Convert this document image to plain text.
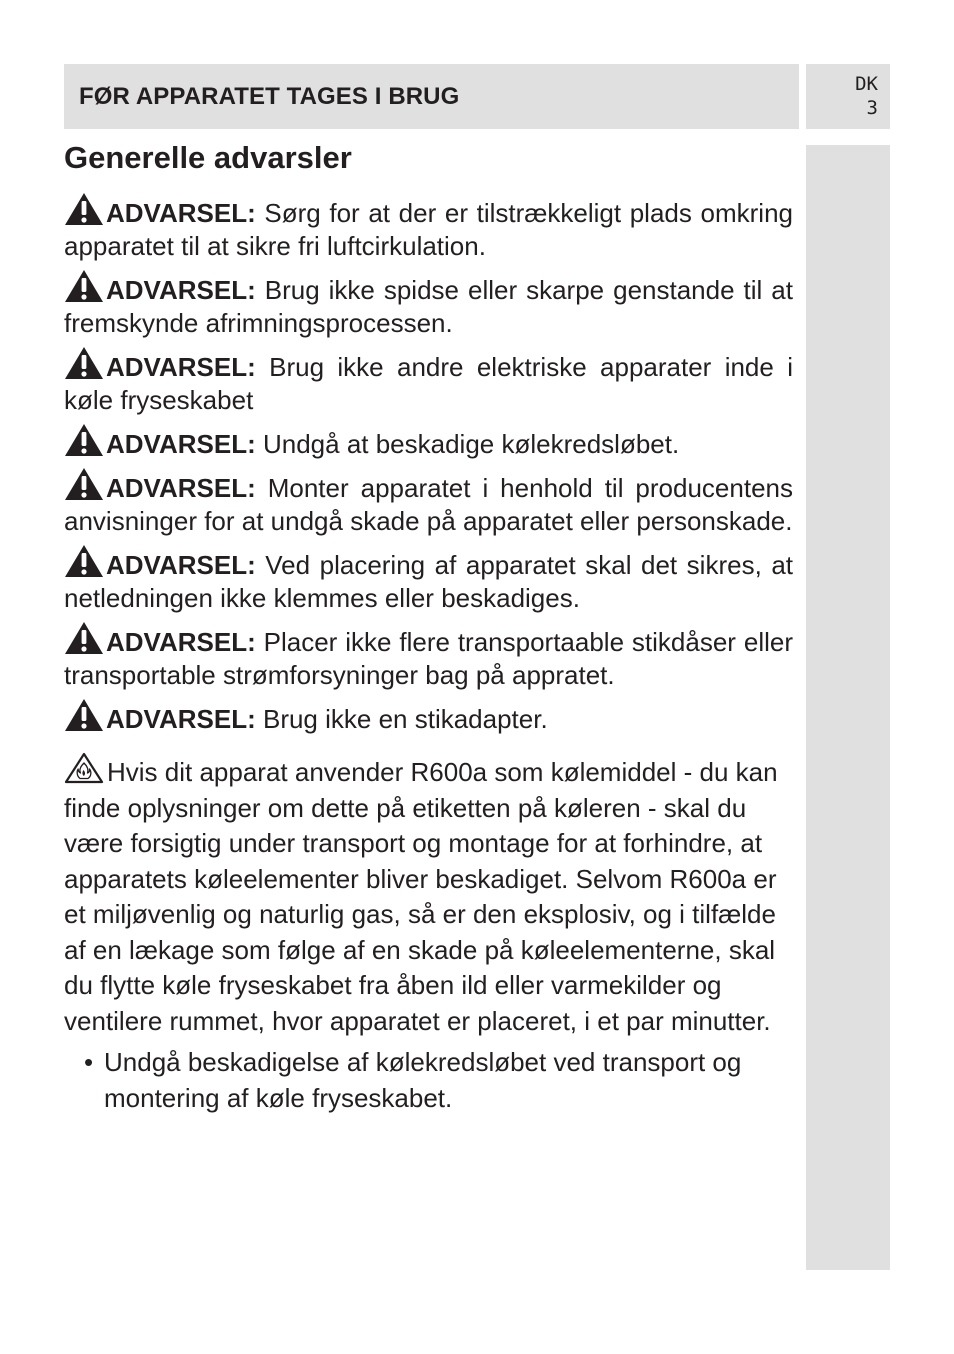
FØR APPARATET TAGES I BRUG	DK
3
Generelle advarsler

ADVARSEL: Sørg for at der er tilstrækkeligt plads omkring apparatet til at sikre fri luftcirkulation.

ADVARSEL: Brug ikke spidse eller skarpe genstande til at fremskynde afrimningsprocessen.

ADVARSEL: Brug ikke andre elektriske apparater inde i køle fryseskabet

ADVARSEL: Undgå at beskadige kølekredsløbet.

ADVARSEL: Monter apparatet i henhold til producentens anvisninger for at undgå skade på apparatet eller personskade.

ADVARSEL: Ved placering af apparatet skal det sikres, at netledningen ikke klemmes eller beskadiges.

ADVARSEL: Placer ikke flere transportaable stikdåser eller transportable strømforsyninger bag på appratet.

ADVARSEL: Brug ikke en stikadapter.

Hvis dit apparat anvender R600a som kølemiddel - du kan finde oplysninger om dette på etiketten på køleren - skal du være forsigtig under transport og montage for at forhindre, at apparatets køleelementer bliver beskadiget. Selvom R600a er et miljøvenlig og naturlig gas, så er den eksplosiv, og i tilfælde af en lækage som følge af en skade på køleelementerne, skal du flytte køle fryseskabet fra åben ild eller varmekilder og ventilere rummet, hvor apparatet er placeret, i et par minutter.

• Undgå beskadigelse af kølekredsløbet ved transport og montering af køle fryseskabet.
